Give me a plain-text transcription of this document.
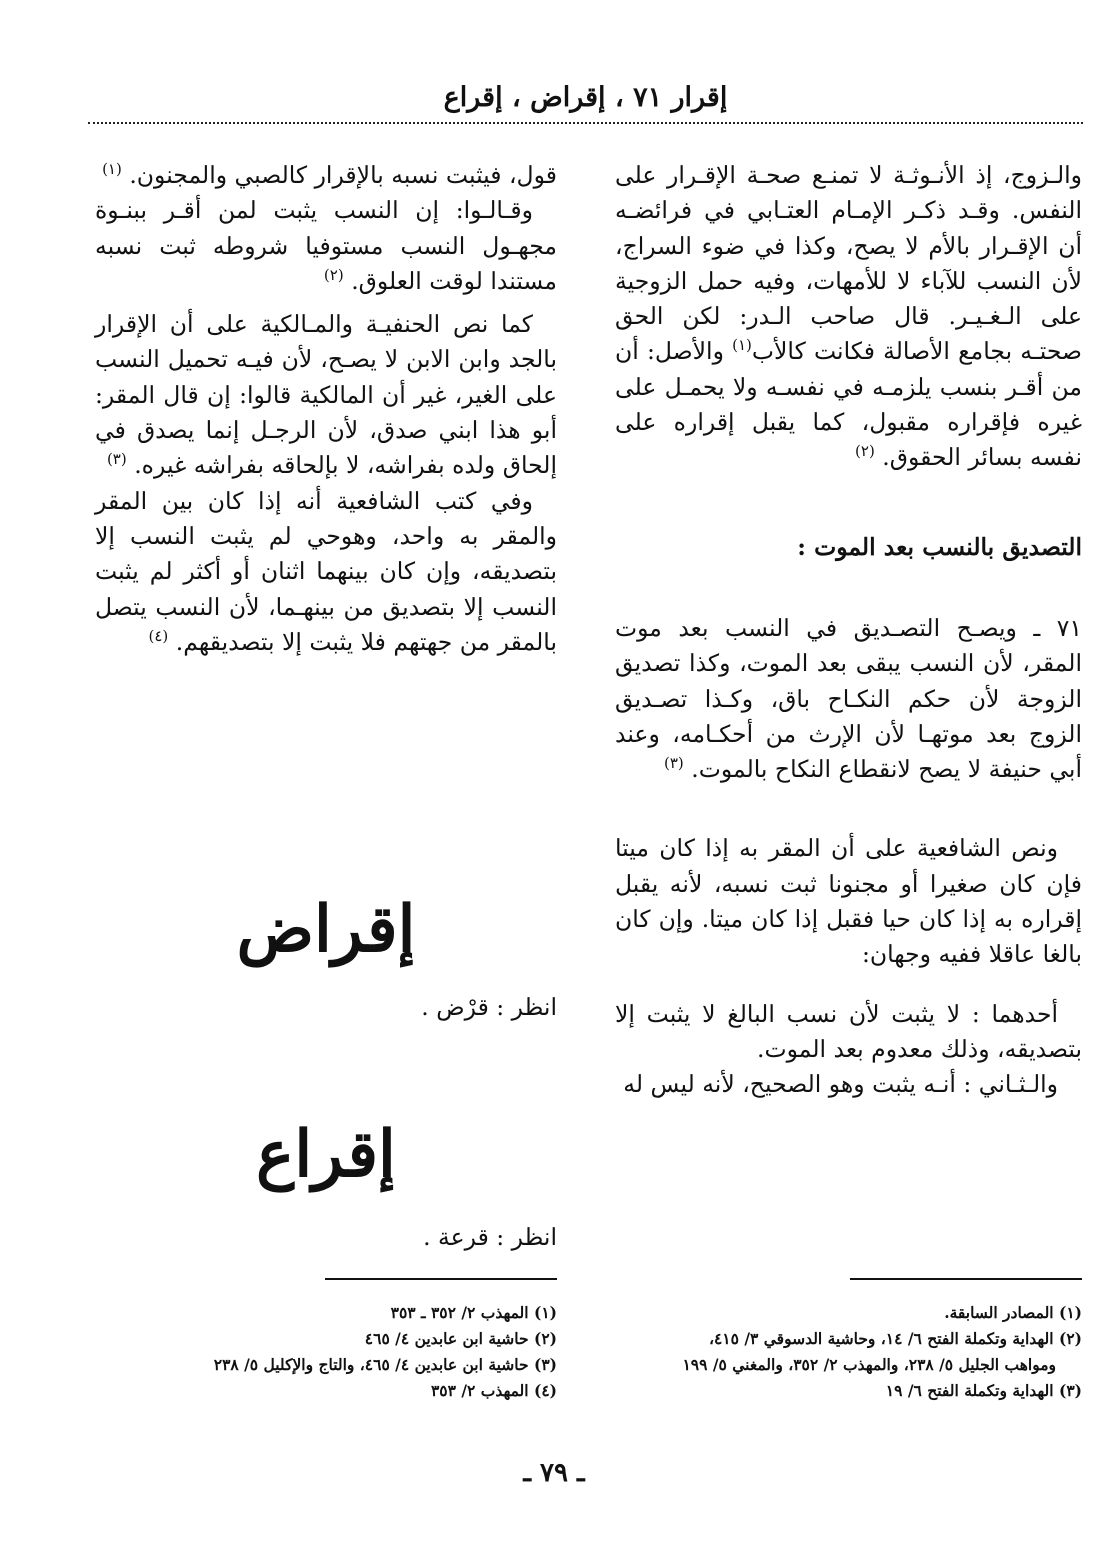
إقرار ٧١ ، إقراض ، إقراع

والـزوج، إذ الأنـوثـة لا تمنـع صحـة الإقـرار على النفس. وقـد ذكـر الإمـام العتـابي في فرائضـه أن الإقـرار بالأم لا يصح، وكذا في ضوء السراج، لأن النسب للآباء لا للأمهات، وفيه حمل الزوجية على الـغـيـر. قال صاحب الـدر: لكن الحق صحتـه بجامع الأصالة فكانت كالأب$^{(١)}$ والأصل: أن من أقـر بنسب يلزمـه في نفسـه ولا يحمـل على غيره فإقراره مقبول، كما يقبل إقراره على نفسه بسائر الحقوق. $^{(٢)}$

التصديق بالنسب بعد الموت :

٧١ ـ ويصـح التصـديق في النسب بعد موت المقر، لأن النسب يبقى بعد الموت، وكذا تصديق الزوجة لأن حكم النكـاح باق، وكـذا تصـديق الزوج بعد موتهـا لأن الإرث من أحكـامه، وعند أبي حنيفة لا يصح لانقطاع النكاح بالموت. $^{(٣)}$

ونص الشافعية على أن المقر به إذا كان ميتا فإن كان صغيرا أو مجنونا ثبت نسبه، لأنه يقبل إقراره به إذا كان حيا فقبل إذا كان ميتا. وإن كان بالغا عاقلا ففيه وجهان:

أحدهما : لا يثبت لأن نسب البالغ لا يثبت إلا بتصديقه، وذلك معدوم بعد الموت.

والـثـاني : أنـه يثبت وهو الصحيح، لأنه ليس له

قول، فيثبت نسبه بالإقرار كالصبي والمجنون. $^{(١)}$

وقـالـوا: إن النسب يثبت لمن أقـر ببنـوة مجهـول النسب مستوفيا شروطه ثبت نسبه مستندا لوقت العلوق. $^{(٢)}$

كما نص الحنفيـة والمـالكية على أن الإقرار بالجد وابن الابن لا يصـح، لأن فيـه تحميل النسب على الغير، غير أن المالكية قالوا: إن قال المقر: أبو هذا ابني صدق، لأن الرجـل إنما يصدق في إلحاق ولده بفراشه، لا بإلحاقه بفراشه غيره. $^{(٣)}$

وفي كتب الشافعية أنه إذا كان بين المقر والمقر به واحد، وهوحي لم يثبت النسب إلا بتصديقه، وإن كان بينهما اثنان أو أكثر لم يثبت النسب إلا بتصديق من بينهـما، لأن النسب يتصل بالمقر من جهتهم فلا يثبت إلا بتصديقهم. $^{(٤)}$

إقراض
انظر : قرْض .
إقراع
انظر : قرعة .
(١) المصادر السابقة.
(٢) الهداية وتكملة الفتح ٦/ ١٤، وحاشية الدسوقي ٣/ ٤١٥،
ومواهب الجليل ٥/ ٢٣٨، والمهذب ٢/ ٣٥٢، والمغني ٥/ ١٩٩
(٣) الهداية وتكملة الفتح ٦/ ١٩
(١) المهذب ٢/ ٣٥٢ ـ ٣٥٣
(٢) حاشية ابن عابدين ٤/ ٤٦٥
(٣) حاشية ابن عابدين ٤/ ٤٦٥، والتاج والإكليل ٥/ ٢٣٨
(٤) المهذب ٢/ ٣٥٣
ـ ٧٩ ـ
